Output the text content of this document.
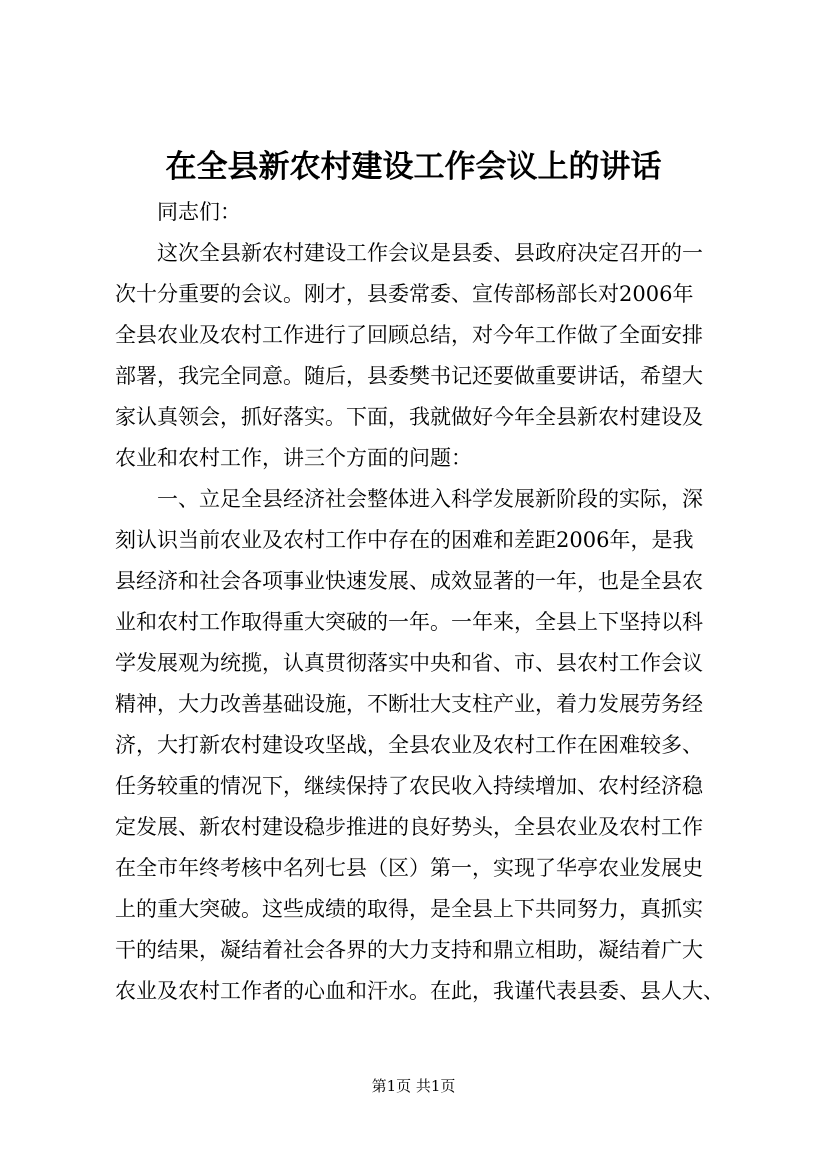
在全县新农村建设工作会议上的讲话
同志们：
这次全县新农村建设工作会议是县委、县政府决定召开的一
次十分重要的会议。刚才，县委常委、宣传部杨部长对2006年
全县农业及农村工作进行了回顾总结，对今年工作做了全面安排
部署，我完全同意。随后，县委樊书记还要做重要讲话，希望大
家认真领会，抓好落实。下面，我就做好今年全县新农村建设及
农业和农村工作，讲三个方面的问题：
一、立足全县经济社会整体进入科学发展新阶段的实际，深
刻认识当前农业及农村工作中存在的困难和差距2006年，是我
县经济和社会各项事业快速发展、成效显著的一年，也是全县农
业和农村工作取得重大突破的一年。一年来，全县上下坚持以科
学发展观为统揽，认真贯彻落实中央和省、市、县农村工作会议
精神，大力改善基础设施，不断壮大支柱产业，着力发展劳务经
济，大打新农村建设攻坚战，全县农业及农村工作在困难较多、
任务较重的情况下，继续保持了农民收入持续增加、农村经济稳
定发展、新农村建设稳步推进的良好势头，全县农业及农村工作
在全市年终考核中名列七县（区）第一，实现了华亭农业发展史
上的重大突破。这些成绩的取得，是全县上下共同努力，真抓实
干的结果，凝结着社会各界的大力支持和鼎立相助，凝结着广大
农业及农村工作者的心血和汗水。在此，我谨代表县委、县人大、
第1页 共1页
